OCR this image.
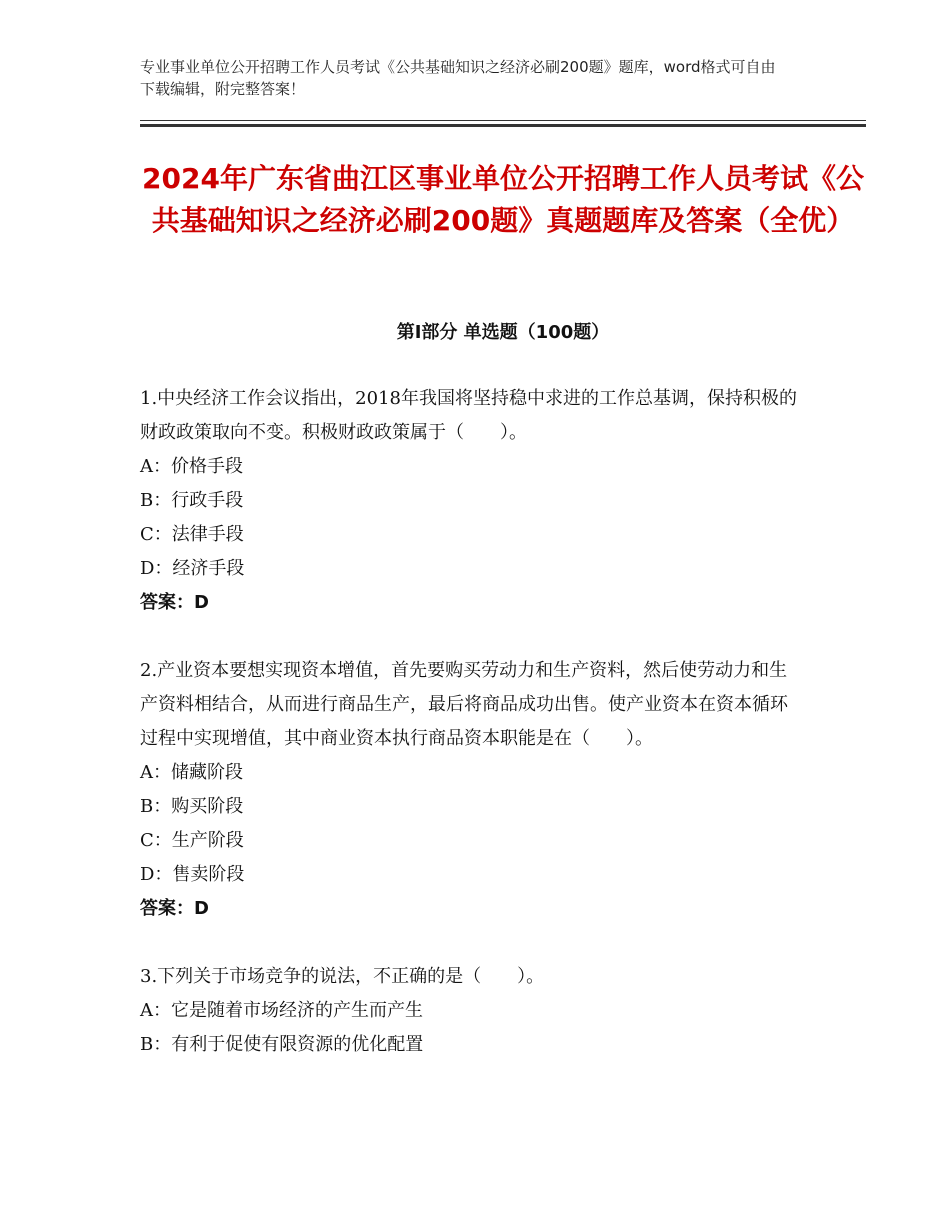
专业事业单位公开招聘工作人员考试《公共基础知识之经济必刷200题》题库，word格式可自由下载编辑，附完整答案！
2024年广东省曲江区事业单位公开招聘工作人员考试《公共基础知识之经济必刷200题》真题题库及答案（全优）
第Ⅰ部分 单选题（100题）

1.中央经济工作会议指出，2018年我国将坚持稳中求进的工作总基调，保持积极的财政政策取向不变。积极财政政策属于（　　）。

A：价格手段

B：行政手段

C：法律手段

D：经济手段

答案：D

2.产业资本要想实现资本增值，首先要购买劳动力和生产资料，然后使劳动力和生产资料相结合，从而进行商品生产，最后将商品成功出售。使产业资本在资本循环过程中实现增值，其中商业资本执行商品资本职能是在（　　）。

A：储藏阶段

B：购买阶段

C：生产阶段

D：售卖阶段

答案：D

3.下列关于市场竞争的说法，不正确的是（　　）。

A：它是随着市场经济的产生而产生

B：有利于促使有限资源的优化配置
